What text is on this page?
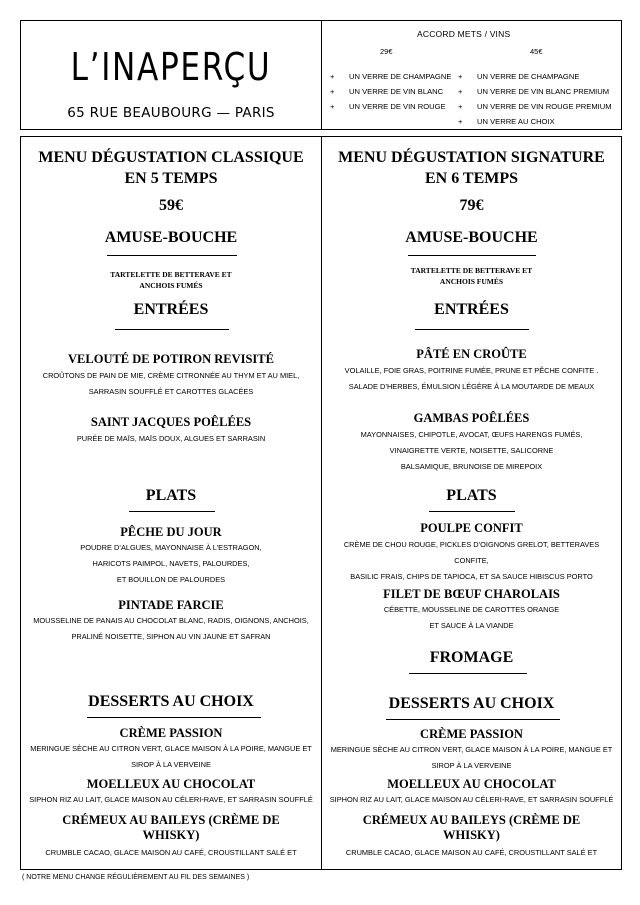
L’INAPERÇU
65 RUE BEAUBOURG — PARIS
ACCORD METS / VINS
29€	45€
+	UN VERRE DE CHAMPAGNE
+	UN VERRE DE VIN BLANC
+	UN VERRE DE VIN ROUGE
+	UN VERRE DE CHAMPAGNE
+	UN VERRE DE VIN BLANC PREMIUM
+	UN VERRE DE VIN ROUGE PREMIUM
+	UN VERRE AU CHOIX
MENU DÉGUSTATION CLASSIQUE
EN 5 TEMPS
59€
AMUSE-BOUCHE
TARTELETTE DE BETTERAVE ET
ANCHOIS FUMÉS
ENTRÉES
VELOUTÉ DE POTIRON REVISITÉ
CROÛTONS DE PAIN DE MIE, CRÈME CITRONNÉE AU THYM ET AU MIEL,
SARRASIN SOUFFLÉ ET CAROTTES GLACÉES
SAINT JACQUES POÊLÉES
PURÉE DE MAÏS, MAÏS DOUX, ALGUES ET SARRASIN
PLATS
PÊCHE DU JOUR
POUDRE D’ALGUES, MAYONNAISE À L’ESTRAGON,
HARICOTS PAIMPOL, NAVETS, PALOURDES,
ET BOUILLON DE PALOURDES
PINTADE FARCIE
MOUSSELINE DE PANAIS AU CHOCOLAT BLANC, RADIS, OIGNONS, ANCHOIS,
PRALINÉ NOISETTE, SIPHON AU VIN JAUNE ET SAFRAN
DESSERTS AU CHOIX
CRÈME PASSION
MERINGUE SÈCHE AU CITRON VERT, GLACE MAISON À LA POIRE, MANGUE ET
SIROP À LA VERVEINE
MOELLEUX AU CHOCOLAT
SIPHON RIZ AU LAIT, GLACE MAISON AU CÉLERI-RAVE, ET SARRASIN SOUFFLÉ
CRÉMEUX AU BAILEYS (CRÈME DE
WHISKY)
CRUMBLE CACAO, GLACE MAISON AU CAFÉ, CROUSTILLANT SALÉ ET
MENU DÉGUSTATION SIGNATURE
EN 6 TEMPS
79€
AMUSE-BOUCHE
TARTELETTE DE BETTERAVE ET
ANCHOIS FUMÉS
ENTRÉES
PÂTÉ EN CROÛTE
VOLAILLE, FOIE GRAS, POITRINE FUMÉE, PRUNE ET PÊCHE CONFITE .
SALADE D’HERBES, ÉMULSION LÉGÈRE À LA MOUTARDE DE MEAUX
GAMBAS POÊLÉES
MAYONNAISES, CHIPOTLE, AVOCAT, ŒUFS HARENGS FUMÉS,
VINAIGRETTE VERTE, NOISETTE, SALICORNE
BALSAMIQUE, BRUNOISE DE MIREPOIX
PLATS
POULPE CONFIT
CRÈME DE CHOU ROUGE, PICKLES D’OIGNONS GRELOT, BETTERAVES CONFITE,
BASILIC FRAIS, CHIPS DE TAPIOCA, ET SA SAUCE HIBISCUS PORTO
FILET DE BŒUF CHAROLAIS
CÉBETTE, MOUSSELINE DE CAROTTES ORANGE
ET SAUCE À LA VIANDE
FROMAGE
DESSERTS AU CHOIX
CRÈME PASSION
MERINGUE SÈCHE AU CITRON VERT, GLACE MAISON À LA POIRE, MANGUE ET
SIROP À LA VERVEINE
MOELLEUX AU CHOCOLAT
SIPHON RIZ AU LAIT, GLACE MAISON AU CÉLERI-RAVE, ET SARRASIN SOUFFLÉ
CRÉMEUX AU BAILEYS (CRÈME DE
WHISKY)
CRUMBLE CACAO, GLACE MAISON AU CAFÉ, CROUSTILLANT SALÉ ET
( NOTRE MENU CHANGE RÉGULIÈREMENT AU FIL DES SEMAINES )
